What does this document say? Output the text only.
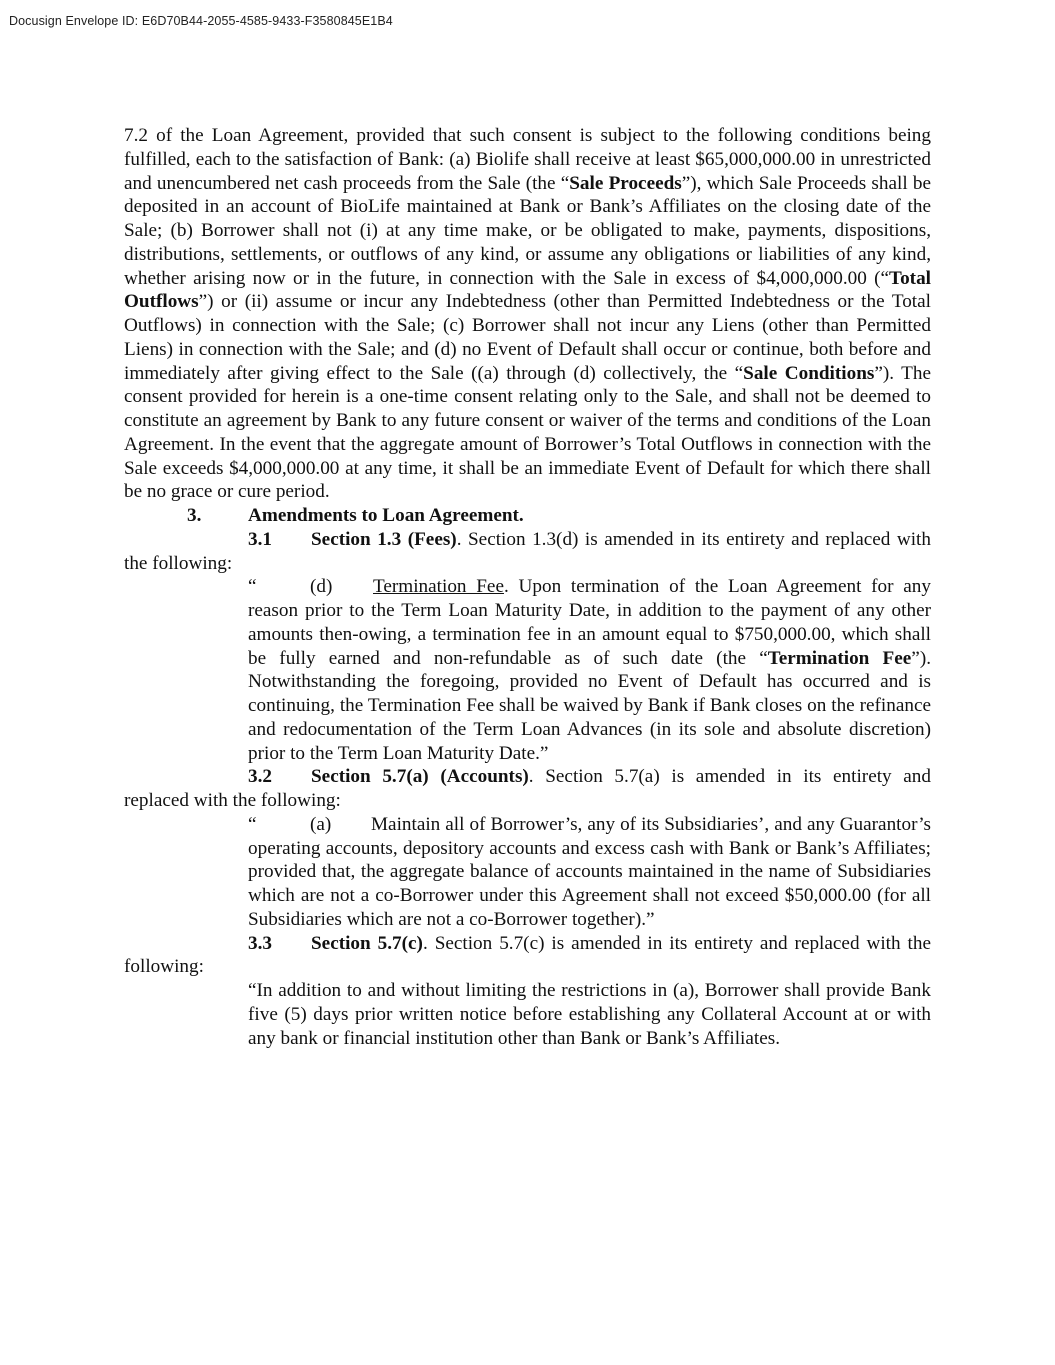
Docusign Envelope ID: E6D70B44-2055-4585-9433-F3580845E1B4

7.2 of the Loan Agreement, provided that such consent is subject to the following conditions being fulfilled, each to the satisfaction of Bank: (a) Biolife shall receive at least $65,000,000.00 in unrestricted and unencumbered net cash proceeds from the Sale (the “Sale Proceeds”), which Sale Proceeds shall be deposited in an account of BioLife maintained at Bank or Bank’s Affiliates on the closing date of the Sale; (b) Borrower shall not (i) at any time make, or be obligated to make, payments, dispositions, distributions, settlements, or outflows of any kind, or assume any obligations or liabilities of any kind, whether arising now or in the future, in connection with the Sale in excess of $4,000,000.00 (“Total Outflows”) or (ii) assume or incur any Indebtedness (other than Permitted Indebtedness or the Total Outflows) in connection with the Sale; (c) Borrower shall not incur any Liens (other than Permitted Liens) in connection with the Sale; and (d) no Event of Default shall occur or continue, both before and immediately after giving effect to the Sale ((a) through (d) collectively, the “Sale Conditions”). The consent provided for herein is a one-time consent relating only to the Sale, and shall not be deemed to constitute an agreement by Bank to any future consent or waiver of the terms and conditions of the Loan Agreement. In the event that the aggregate amount of Borrower’s Total Outflows in connection with the Sale exceeds $4,000,000.00 at any time, it shall be an immediate Event of Default for which there shall be no grace or cure period.

3. Amendments to Loan Agreement.

3.1 Section 1.3 (Fees). Section 1.3(d) is amended in its entirety and replaced with the following:

“	(d) Termination Fee. Upon termination of the Loan Agreement for any reason prior to the Term Loan Maturity Date, in addition to the payment of any other amounts then-owing, a termination fee in an amount equal to $750,000.00, which shall be fully earned and non-refundable as of such date (the “Termination Fee”). Notwithstanding the foregoing, provided no Event of Default has occurred and is continuing, the Termination Fee shall be waived by Bank if Bank closes on the refinance and redocumentation of the Term Loan Advances (in its sole and absolute discretion) prior to the Term Loan Maturity Date.”

3.2 Section 5.7(a) (Accounts). Section 5.7(a) is amended in its entirety and replaced with the following:

“	(a) Maintain all of Borrower’s, any of its Subsidiaries’, and any Guarantor’s operating accounts, depository accounts and excess cash with Bank or Bank’s Affiliates; provided that, the aggregate balance of accounts maintained in the name of Subsidiaries which are not a co-Borrower under this Agreement shall not exceed $50,000.00 (for all Subsidiaries which are not a co-Borrower together).”

3.3 Section 5.7(c). Section 5.7(c) is amended in its entirety and replaced with the following:

“In addition to and without limiting the restrictions in (a), Borrower shall provide Bank five (5) days prior written notice before establishing any Collateral Account at or with any bank or financial institution other than Bank or Bank’s Affiliates.
